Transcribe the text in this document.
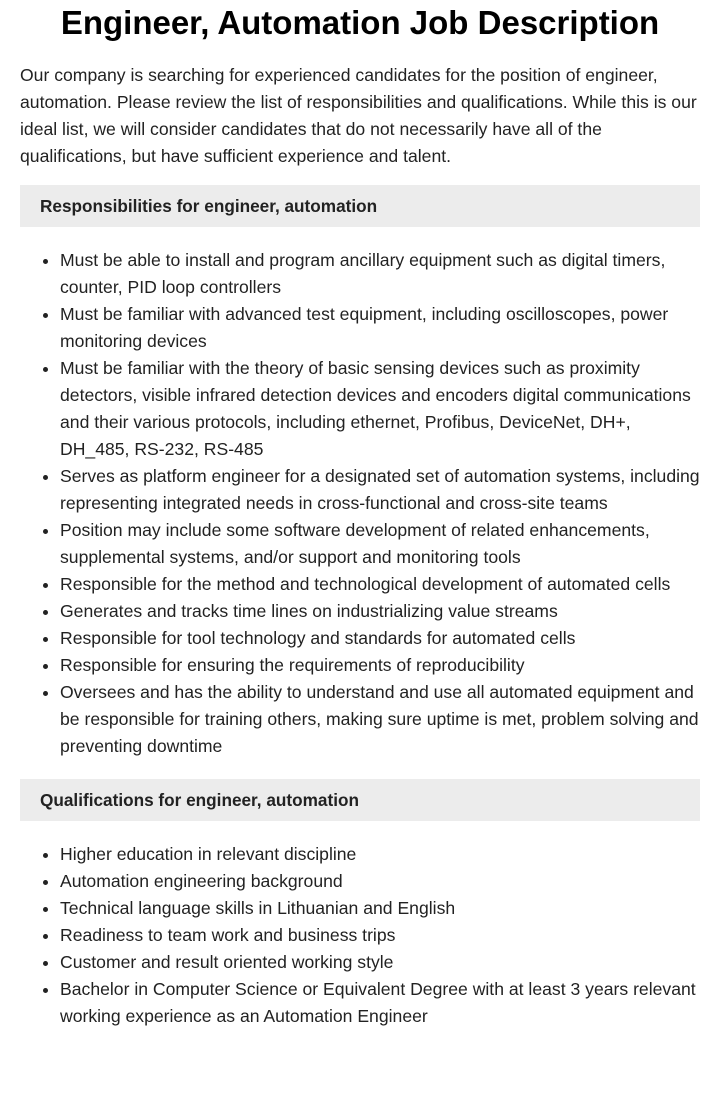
Engineer, Automation Job Description

Our company is searching for experienced candidates for the position of engineer, automation. Please review the list of responsibilities and qualifications. While this is our ideal list, we will consider candidates that do not necessarily have all of the qualifications, but have sufficient experience and talent.

Responsibilities for engineer, automation
• Must be able to install and program ancillary equipment such as digital timers, counter, PID loop controllers
• Must be familiar with advanced test equipment, including oscilloscopes, power monitoring devices
• Must be familiar with the theory of basic sensing devices such as proximity detectors, visible infrared detection devices and encoders digital communications and their various protocols, including ethernet, Profibus, DeviceNet, DH+, DH_485, RS-232, RS-485
• Serves as platform engineer for a designated set of automation systems, including representing integrated needs in cross-functional and cross-site teams
• Position may include some software development of related enhancements, supplemental systems, and/or support and monitoring tools
• Responsible for the method and technological development of automated cells
• Generates and tracks time lines on industrializing value streams
• Responsible for tool technology and standards for automated cells
• Responsible for ensuring the requirements of reproducibility
• Oversees and has the ability to understand and use all automated equipment and be responsible for training others, making sure uptime is met, problem solving and preventing downtime
Qualifications for engineer, automation
• Higher education in relevant discipline
• Automation engineering background
• Technical language skills in Lithuanian and English
• Readiness to team work and business trips
• Customer and result oriented working style
• Bachelor in Computer Science or Equivalent Degree with at least 3 years relevant working experience as an Automation Engineer
